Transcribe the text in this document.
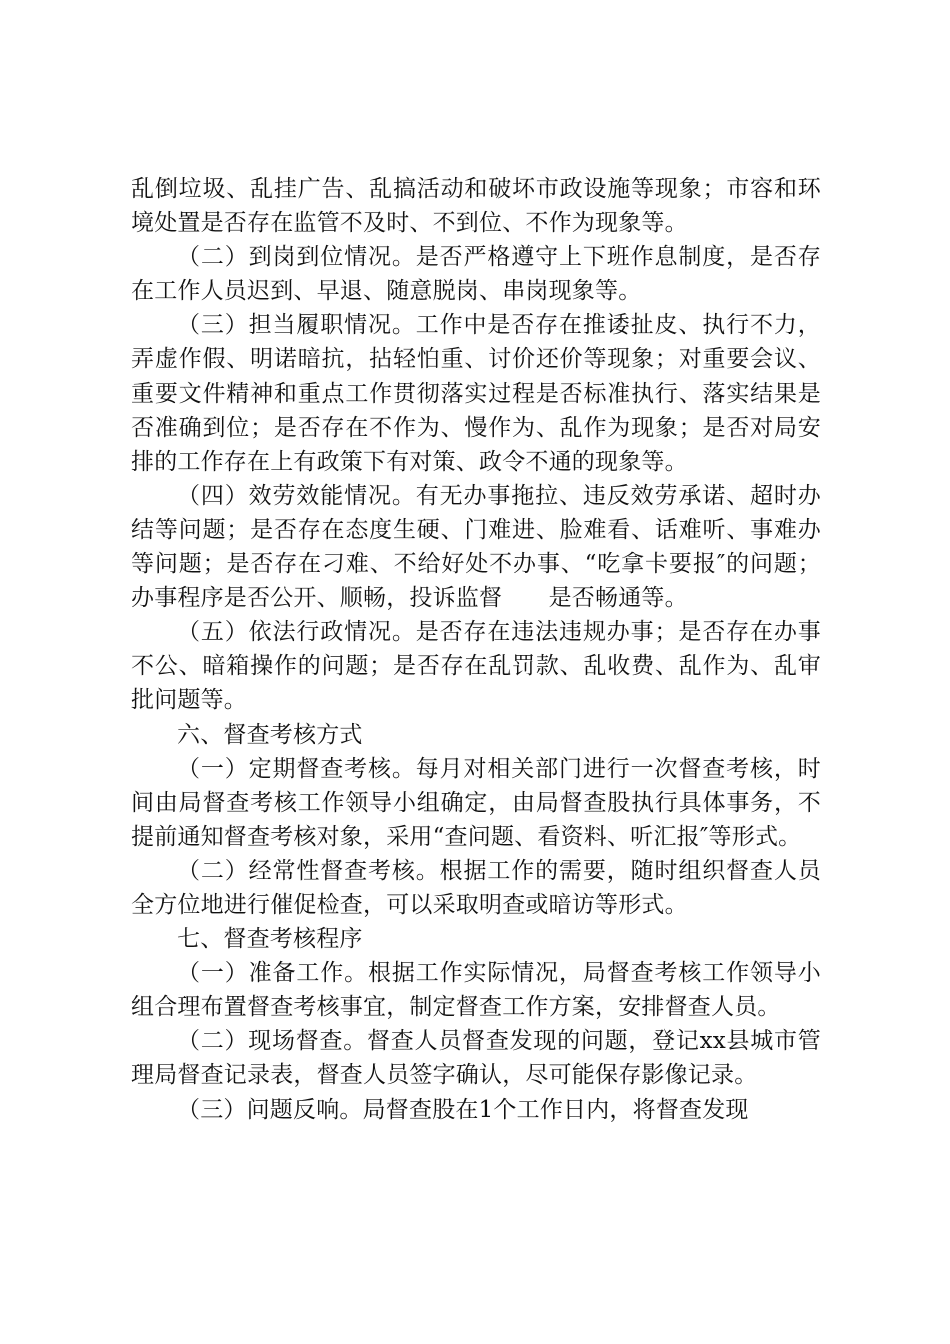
乱倒垃圾、乱挂广告、乱搞活动和破坏市政设施等现象；市容和环境处置是否存在监管不及时、不到位、不作为现象等。

（二）到岗到位情况。是否严格遵守上下班作息制度，是否存在工作人员迟到、早退、随意脱岗、串岗现象等。

（三）担当履职情况。工作中是否存在推诿扯皮、执行不力，弄虚作假、明诺暗抗，拈轻怕重、讨价还价等现象；对重要会议、重要文件精神和重点工作贯彻落实过程是否标准执行、落实结果是否准确到位；是否存在不作为、慢作为、乱作为现象；是否对局安排的工作存在上有政策下有对策、政令不通的现象等。

（四）效劳效能情况。有无办事拖拉、违反效劳承诺、超时办结等问题；是否存在态度生硬、门难进、脸难看、话难听、事难办等问题；是否存在刁难、不给好处不办事、“吃拿卡要报″的问题；办事程序是否公开、顺畅，投诉监督　　是否畅通等。

（五）依法行政情况。是否存在违法违规办事；是否存在办事不公、暗箱操作的问题；是否存在乱罚款、乱收费、乱作为、乱审批问题等。

六、督查考核方式

（一）定期督查考核。每月对相关部门进行一次督查考核，时间由局督查考核工作领导小组确定，由局督查股执行具体事务，不提前通知督查考核对象，采用“查问题、看资料、听汇报″等形式。

（二）经常性督查考核。根据工作的需要，随时组织督查人员全方位地进行催促检查，可以采取明查或暗访等形式。

七、督查考核程序

（一）准备工作。根据工作实际情况，局督查考核工作领导小组合理布置督查考核事宜，制定督查工作方案，安排督查人员。

（二）现场督查。督查人员督查发现的问题，登记xx县城市管理局督查记录表，督查人员签字确认，尽可能保存影像记录。

（三）问题反响。局督查股在1个工作日内，将督查发现
